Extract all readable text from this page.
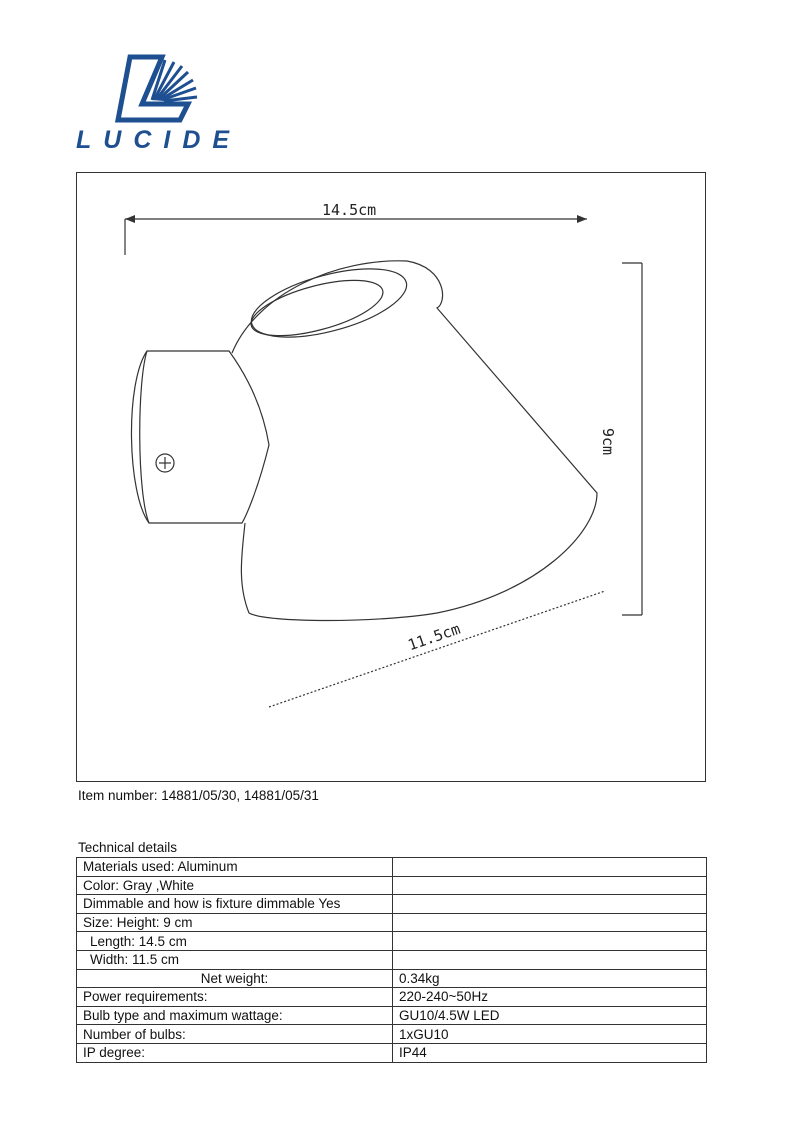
LUCIDE
14.5cm
9cm
11.5cm
Item number: 14881/05/30, 14881/05/31
Technical details
Materials used: Aluminum	
Color: Gray ,White	
Dimmable and how is fixture dimmable Yes	
Size: Height: 9 cm	
Length: 14.5 cm	
Width: 11.5 cm	
Net weight:	0.34kg
Power requirements:	220-240~50Hz
Bulb type and maximum wattage:	GU10/4.5W LED
Number of bulbs:	1xGU10
IP degree:	IP44
